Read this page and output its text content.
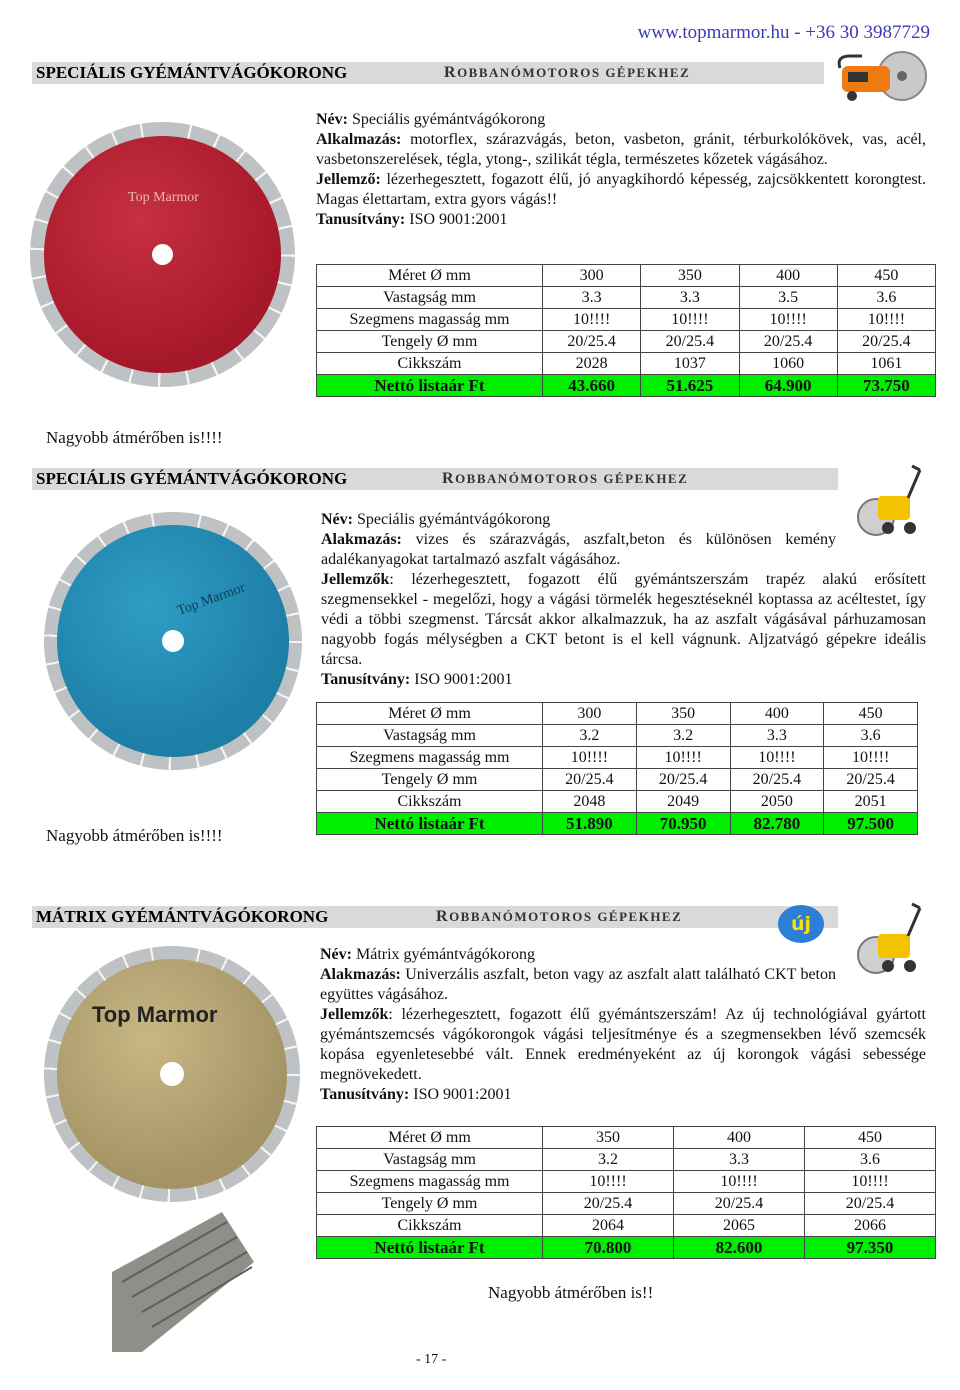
www.topmarmor.hu - +36 30 3987729
SPECIÁLIS GYÉMÁNTVÁGÓKORONG	ROBBANÓMOTOROS GÉPEKHEZ
Top Marmor

Név: Speciális gyémántvágókorong

Alkalmazás: motorflex, szárazvágás, beton, vasbeton, gránit, térburkolókövek, vas, acél, vasbetonszerelések, tégla, ytong-, szilikát tégla, természetes kőzetek vágásához.

Jellemző: lézerhegesztett, fogazott élű, jó anyagkihordó képesség, zajcsökkentett korongtest. Magas élettartam, extra gyors vágás!!

Tanusítvány: ISO 9001:2001

Méret Ø mm	300	350	400	450
Vastagság mm	3.3	3.3	3.5	3.6
Szegmens magasság mm	10!!!!	10!!!!	10!!!!	10!!!!
Tengely Ø mm	20/25.4	20/25.4	20/25.4	20/25.4
Cikkszám	2028	1037	1060	1061
Nettó listaár Ft	43.660	51.625	64.900	73.750
Nagyobb átmérőben is!!!!
SPECIÁLIS GYÉMÁNTVÁGÓKORONG	ROBBANÓMOTOROS GÉPEKHEZ
Top Marmor

Név: Speciális gyémántvágókorong

Alakmazás: vizes és szárazvágás, aszfalt,beton és különösen kemény adalékanyagokat tartalmazó aszfalt vágásához.

Jellemzők: lézerhegesztett, fogazott élű gyémántszerszám trapéz alakú erősített szegmensekkel - megelőzi, hogy a vágási törmelék hegesztéseknél koptassa az acéltestet, így védi a többi szegmenst. Tárcsát akkor alkalmazzuk, ha az aszfalt vágásával párhuzamosan nagyobb fogás mélységben a CKT betont is el kell vágnunk. Aljzatvágó gépekre ideális tárcsa.

Tanusítvány: ISO 9001:2001

Méret Ø mm	300	350	400	450
Vastagság mm	3.2	3.2	3.3	3.6
Szegmens magasság mm	10!!!!	10!!!!	10!!!!	10!!!!
Tengely Ø mm	20/25.4	20/25.4	20/25.4	20/25.4
Cikkszám	2048	2049	2050	2051
Nettó listaár Ft	51.890	70.950	82.780	97.500
Nagyobb átmérőben is!!!!
MÁTRIX GYÉMÁNTVÁGÓKORONG	ROBBANÓMOTOROS GÉPEKHEZ	új
Top Marmor

Név: Mátrix gyémántvágókorong

Alakmazás: Univerzális aszfalt, beton vagy az aszfalt alatt található CKT beton együttes vágásához.

Jellemzők: lézerhegesztett, fogazott élű gyémántszerszám! Az új technológiával gyártott gyémántszemcsés vágókorongok vágási teljesítménye és a szegmensekben lévő szemcsék kopása egyenletesebbé vált. Ennek eredményeként az új korongok vágási sebessége megnövekedett.

Tanusítvány: ISO 9001:2001

Méret Ø mm	350	400	450
Vastagság mm	3.2	3.3	3.6
Szegmens magasság mm	10!!!!	10!!!!	10!!!!
Tengely Ø mm	20/25.4	20/25.4	20/25.4
Cikkszám	2064	2065	2066
Nettó listaár Ft	70.800	82.600	97.350
Nagyobb átmérőben is!!
- 17 -
